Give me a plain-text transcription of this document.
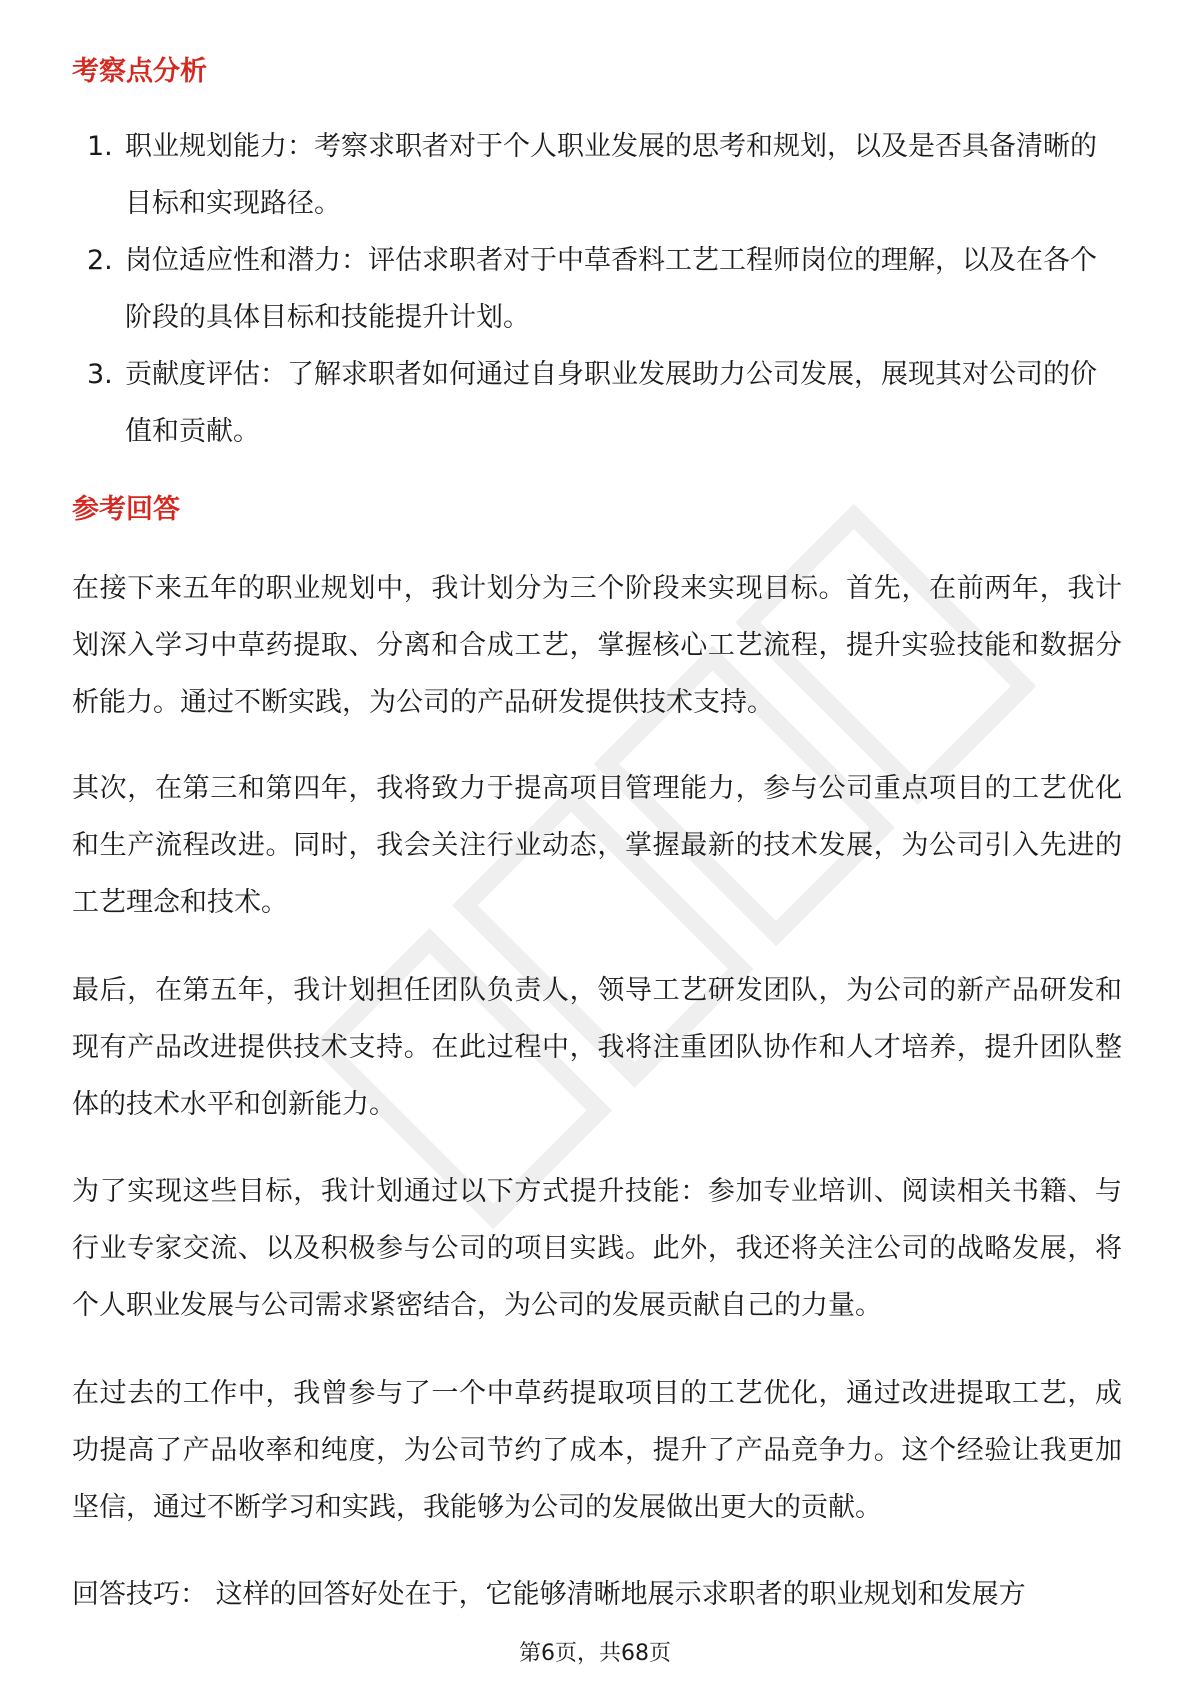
考察点分析
1. 职业规划能力：考察求职者对于个人职业发展的思考和规划，以及是否具备清晰的目标和实现路径。
2. 岗位适应性和潜力：评估求职者对于中草香料工艺工程师岗位的理解，以及在各个阶段的具体目标和技能提升计划。
3. 贡献度评估：了解求职者如何通过自身职业发展助力公司发展，展现其对公司的价值和贡献。
参考回答

在接下来五年的职业规划中，我计划分为三个阶段来实现目标。首先，在前两年，我计划深入学习中草药提取、分离和合成工艺，掌握核心工艺流程，提升实验技能和数据分析能力。通过不断实践，为公司的产品研发提供技术支持。

其次，在第三和第四年，我将致力于提高项目管理能力，参与公司重点项目的工艺优化和生产流程改进。同时，我会关注行业动态，掌握最新的技术发展，为公司引入先进的工艺理念和技术。

最后，在第五年，我计划担任团队负责人，领导工艺研发团队，为公司的新产品研发和现有产品改进提供技术支持。在此过程中，我将注重团队协作和人才培养，提升团队整体的技术水平和创新能力。

为了实现这些目标，我计划通过以下方式提升技能：参加专业培训、阅读相关书籍、与行业专家交流、以及积极参与公司的项目实践。此外，我还将关注公司的战略发展，将个人职业发展与公司需求紧密结合，为公司的发展贡献自己的力量。

在过去的工作中，我曾参与了一个中草药提取项目的工艺优化，通过改进提取工艺，成功提高了产品收率和纯度，为公司节约了成本，提升了产品竞争力。这个经验让我更加坚信，通过不断学习和实践，我能够为公司的发展做出更大的贡献。

回答技巧： 这样的回答好处在于，它能够清晰地展示求职者的职业规划和发展方

第6页，共68页
